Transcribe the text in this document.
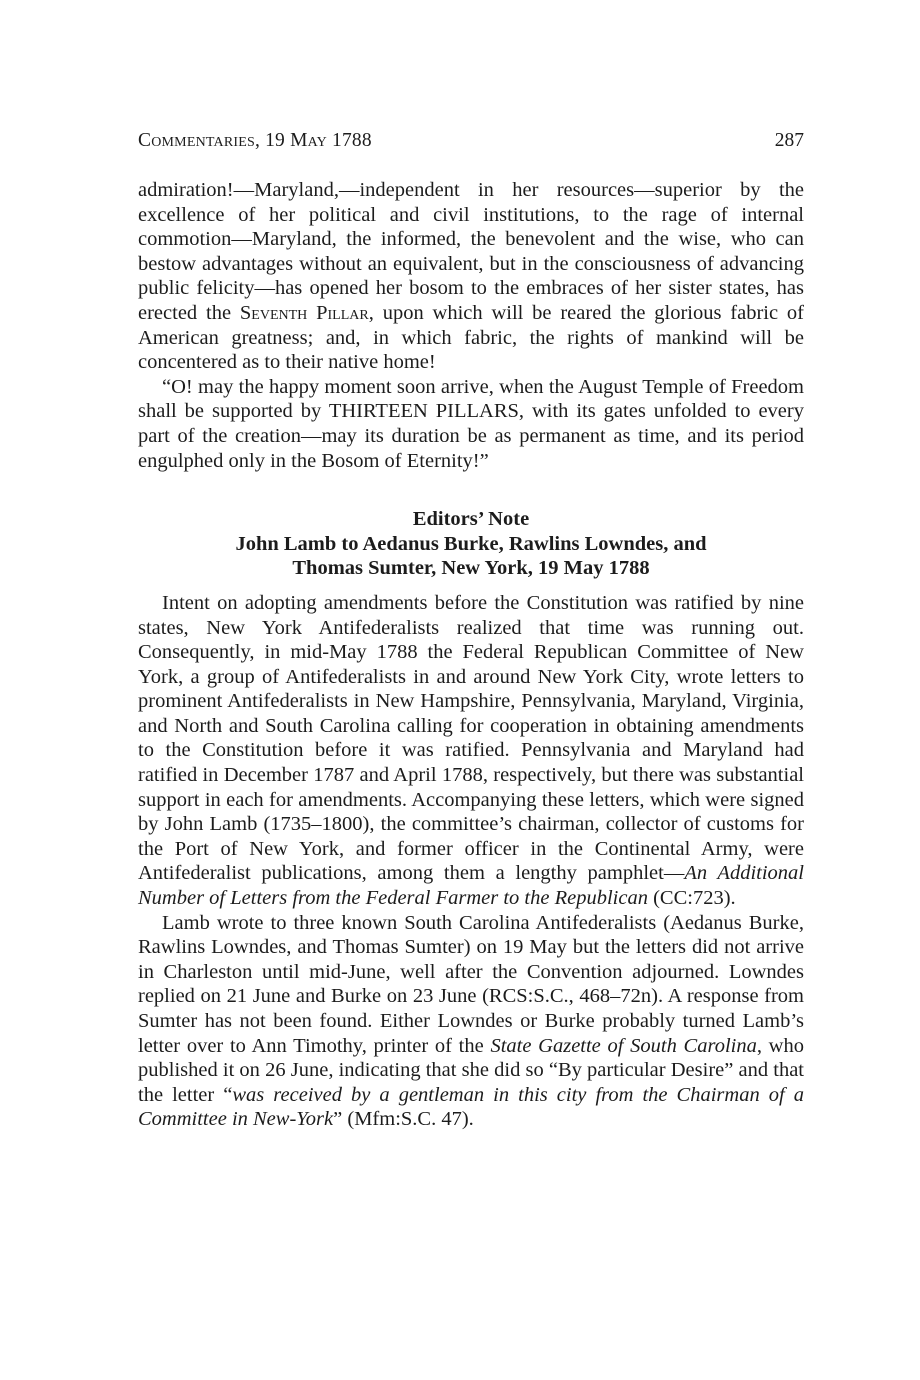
Commentaries, 19 May 1788	287

admiration!—Maryland,—independent in her resources—superior by the excellence of her political and civil institutions, to the rage of internal commotion—Maryland, the informed, the benevolent and the wise, who can bestow advantages without an equivalent, but in the consciousness of advancing public felicity—has opened her bosom to the embraces of her sister states, has erected the Seventh Pillar, upon which will be reared the glorious fabric of American greatness; and, in which fabric, the rights of mankind will be concentered as to their native home!

“O! may the happy moment soon arrive, when the August Temple of Freedom shall be supported by THIRTEEN PILLARS, with its gates unfolded to every part of the creation—may its duration be as permanent as time, and its period engulphed only in the Bosom of Eternity!”

Editors’ Note
John Lamb to Aedanus Burke, Rawlins Lowndes, and
Thomas Sumter, New York, 19 May 1788

Intent on adopting amendments before the Constitution was ratified by nine states, New York Antifederalists realized that time was running out. Consequently, in mid-May 1788 the Federal Republican Committee of New York, a group of Antifederalists in and around New York City, wrote letters to prominent Antifederalists in New Hampshire, Pennsylvania, Maryland, Virginia, and North and South Carolina calling for cooperation in obtaining amendments to the Constitution before it was ratified. Pennsylvania and Maryland had ratified in December 1787 and April 1788, respectively, but there was substantial support in each for amendments. Accompanying these letters, which were signed by John Lamb (1735–1800), the committee’s chairman, collector of customs for the Port of New York, and former officer in the Continental Army, were Antifederalist publications, among them a lengthy pamphlet—An Additional Number of Letters from the Federal Farmer to the Republican (CC:723).

Lamb wrote to three known South Carolina Antifederalists (Aedanus Burke, Rawlins Lowndes, and Thomas Sumter) on 19 May but the letters did not arrive in Charleston until mid-June, well after the Convention adjourned. Lowndes replied on 21 June and Burke on 23 June (RCS:S.C., 468–72n). A response from Sumter has not been found. Either Lowndes or Burke probably turned Lamb’s letter over to Ann Timothy, printer of the State Gazette of South Carolina, who published it on 26 June, indicating that she did so “By particular Desire” and that the letter “was received by a gentleman in this city from the Chairman of a Committee in New-York” (Mfm:S.C. 47).
